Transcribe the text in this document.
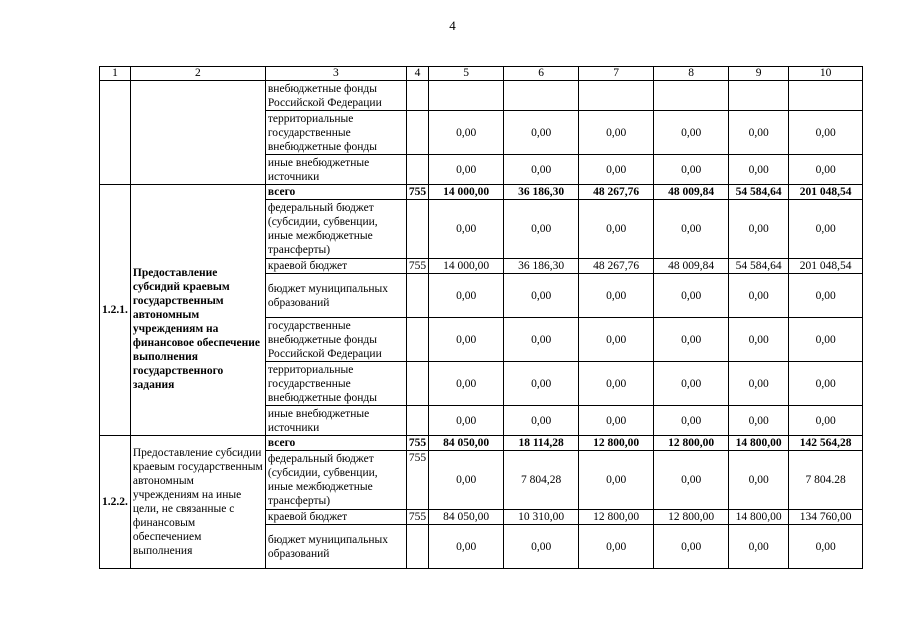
4
1	2	3	4	5	6	7	8	9	10
		внебюджетные фонды Российской Федерации							
		территориальные государственные внебюджетные фонды		0,00	0,00	0,00	0,00	0,00	0,00
		иные внебюджетные источники		0,00	0,00	0,00	0,00	0,00	0,00
1.2.1.	Предоставление субсидий краевым государственным автономным учреждениям на финансовое обеспечение выполнения государственного задания	всего	755	14 000,00	36 186,30	48 267,76	48 009,84	54 584,64	201 048,54
		федеральный бюджет (субсидии, субвенции, иные межбюджетные трансферты)		0,00	0,00	0,00	0,00	0,00	0,00
		краевой бюджет	755	14 000,00	36 186,30	48 267,76	48 009,84	54 584,64	201 048,54
		бюджет муниципальных образований		0,00	0,00	0,00	0,00	0,00	0,00
		государственные внебюджетные фонды Российской Федерации		0,00	0,00	0,00	0,00	0,00	0,00
		территориальные государственные внебюджетные фонды		0,00	0,00	0,00	0,00	0,00	0,00
		иные внебюджетные источники		0,00	0,00	0,00	0,00	0,00	0,00
1.2.2.	Предоставление субсидии краевым государственным автономным учреждениям на иные цели, не связанные с финансовым обеспечением выполнения	всего	755	84 050,00	18 114,28	12 800,00	12 800,00	14 800,00	142 564,28
		федеральный бюджет (субсидии, субвенции, иные межбюджетные трансферты)	755	0,00	7 804,28	0,00	0,00	0,00	7 804.28
		краевой бюджет	755	84 050,00	10 310,00	12 800,00	12 800,00	14 800,00	134 760,00
		бюджет муниципальных образований		0,00	0,00	0,00	0,00	0,00	0,00
